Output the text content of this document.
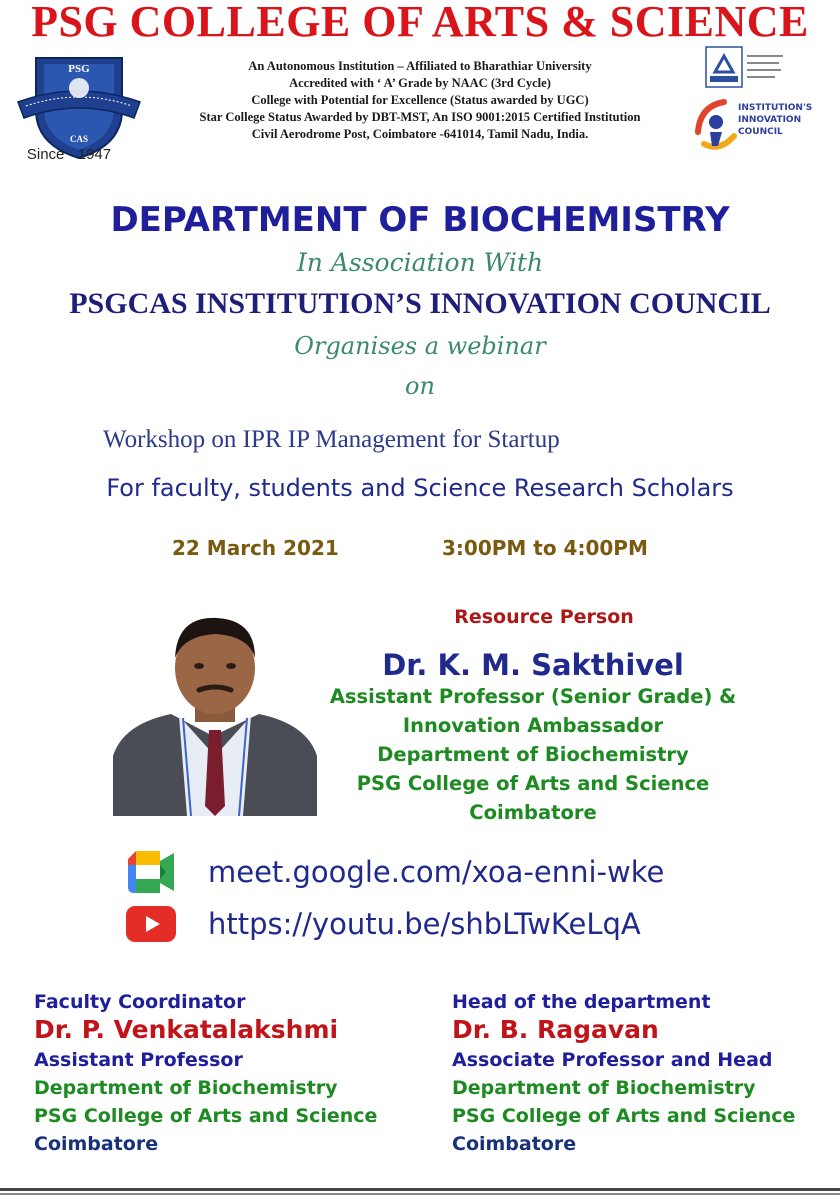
PSG COLLEGE OF ARTS & SCIENCE
PSG
CAS
Since - 1947
An Autonomous Institution – Affiliated to Bharathiar University
Accredited with ‘ A’ Grade by NAAC (3rd Cycle)
College with Potential for Excellence (Status awarded by UGC)
Star College Status Awarded by DBT-MST, An ISO 9001:2015 Certified Institution
Civil Aerodrome Post, Coimbatore -641014, Tamil Nadu, India.
INSTITUTION'S
INNOVATION
COUNCIL
DEPARTMENT OF BIOCHEMISTRY
In Association With
PSGCAS INSTITUTION’S INNOVATION COUNCIL
Organises a webinar
on
Workshop on IPR IP Management for Startup
For faculty, students and Science Research Scholars
22 March 2021	3:00PM to 4:00PM
Resource Person
Dr. K. M. Sakthivel
Assistant Professor (Senior Grade) &
Innovation Ambassador
Department of Biochemistry
PSG College of Arts and Science
Coimbatore
meet.google.com/xoa-enni-wke
https://youtu.be/shbLTwKeLqA
Faculty Coordinator
Dr. P. Venkatalakshmi
Assistant Professor
Department of Biochemistry
PSG College of Arts and Science
Coimbatore
Head of the department
Dr. B. Ragavan
Associate Professor and Head
Department of Biochemistry
PSG College of Arts and Science
Coimbatore
